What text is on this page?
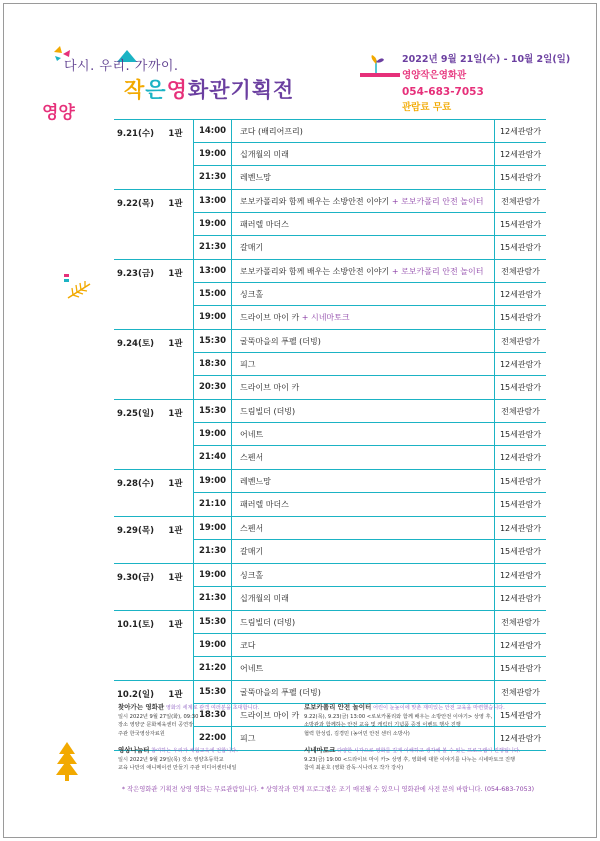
다시. 우리. 가까이.
작은영화관기획전
영양
2022년 9월 21일(수) - 10월 2일(일)
영양작은영화관
054-683-7053
관람료 무료
9.21(수)	1관	14:00	코다 (배리어프리)	12세관람가
19:00	십개월의 미래	12세관람가
21:30	레벤느망	15세관람가
9.22(목)	1관	13:00	로보카폴리와 함께 배우는 소방안전 이야기 + 로보카폴리 안전 놀이터	전체관람가
19:00	패러렐 마더스	15세관람가
21:30	갈매기	15세관람가
9.23(금)	1관	13:00	로보카폴리와 함께 배우는 소방안전 이야기 + 로보카폴리 안전 놀이터	전체관람가
15:00	싱크홀	12세관람가
19:00	드라이브 마이 카 + 시네마토크	15세관람가
9.24(토)	1관	15:30	굴뚝마을의 푸펠 (더빙)	전체관람가
18:30	피그	12세관람가
20:30	드라이브 마이 카	15세관람가
9.25(일)	1관	15:30	드림빌더 (더빙)	전체관람가
19:00	어네트	15세관람가
21:40	스펜서	12세관람가
9.28(수)	1관	19:00	레벤느망	15세관람가
21:10	패러렐 마더스	15세관람가
9.29(목)	1관	19:00	스펜서	12세관람가
21:30	갈매기	15세관람가
9.30(금)	1관	19:00	싱크홀	12세관람가
21:30	십개월의 미래	12세관람가
10.1(토)	1관	15:30	드림빌더 (더빙)	전체관람가
19:00	코다	12세관람가
21:20	어네트	15세관람가
10.2(일)	1관	15:30	굴뚝마을의 푸펠 (더빙)	전체관람가
18:30	드라이브 마이 카	15세관람가
22:00	피그	12세관람가
찾아가는 영화관 영화의 세계로 관객 여러분을 초대합니다.
일시 2022년 9월 27일(화), 09:30
장소 영양군 문화체육센터 공연장
주관 한국영상자료원
로보카폴리 안전 놀이터 어린이 눈높이에 맞춘 재미있는 안전 교육을 마련했습니다.
9.22(목), 9.23(금) 13:00 <로보카폴리와 함께 배우는 소방안전 이야기> 상영 후,
소방관과 함께하는 안전 교육 및 캐릭터 기념품 증정 이벤트 행사 진행
협력 한성림, 김경민 (농어민 안전 센터 소방사)
영상나눔터 참여하는 우리가 체험교육에 전합니다.
일시 2022년 9월 29일(목) 장소 영양초등학교
교육 나만의 애니메이션 만들기 주관 미디어센터내일
시네마토크 다양한 시각으로 영화를 깊게 이해하고 생각해 볼 수 있는 프로그램이 진행됩니다.
9.23(금) 19:00 <드라이브 마이 카> 상영 후, 영화에 대한 이야기를 나누는 시네마토크 진행
참여 최윤호 (영화 감독·시나리오 작가 강사)
* 작은영화관 기획전 상영 영화는 무료관람입니다. * 상영작과 연계 프로그램은 조기 매진될 수 있으니 영화관에 사전 문의 바랍니다. (054-683-7053)
